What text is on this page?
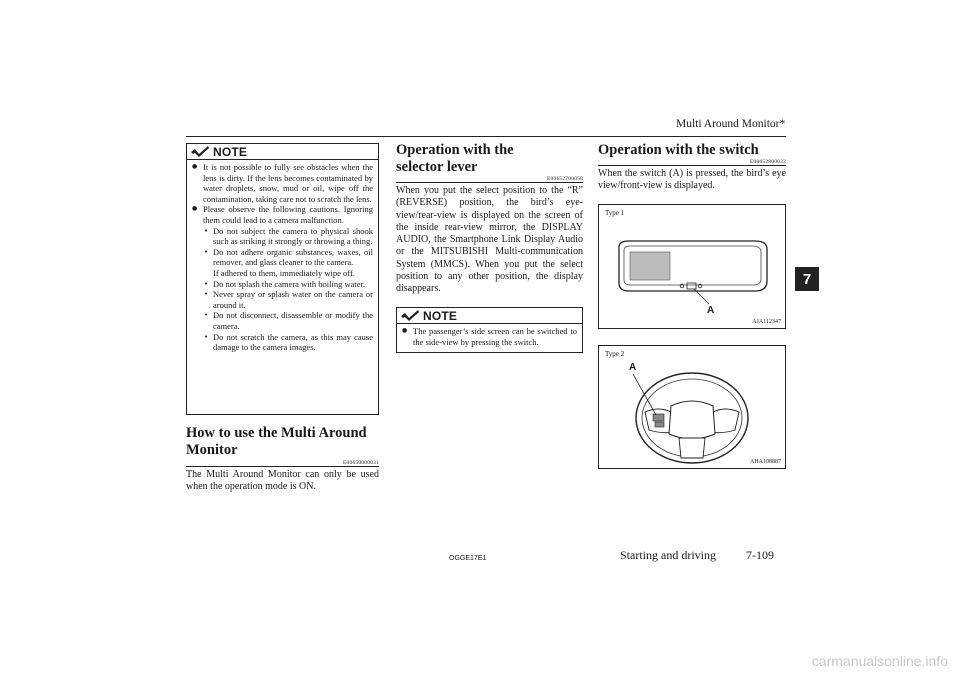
Multi Around Monitor*
7
NOTE
● It is not possible to fully see obstacles when the lens is dirty. If the lens becomes contaminated by water droplets, snow, mud or oil, wipe off the contamination, taking care not to scratch the lens.
● Please observe the following cautions. Ignoring them could lead to a camera malfunction.
• Do not subject the camera to physical shook such as striking it strongly or throwing a thing.
• Do not adhere organic substances, waxes, oil remover, and glass cleaner to the camera.
If adhered to them, immediately wipe off.
• Do not splash the camera with boiling water.
• Never spray or splash water on the camera or around it.
• Do not disconnect, disassemble or modify the camera.
• Do not scratch the camera, as this may cause damage to the camera images.
How to use the Multi Around Monitor
E00650000031
The Multi Around Monitor can only be used when the operation mode is ON.
Operation with the selector lever
E00652700058
When you put the select position to the “R” (REVERSE) position, the bird’s eye-view/rear-view is displayed on the screen of the inside rear-view mirror, the DISPLAY AUDIO, the Smartphone Link Display Audio or the MITSUBISHI Multi-communication System (MMCS). When you put the select position to any other position, the display disappears.
NOTE
● The passenger’s side screen can be switched to the side-view by pressing the switch.
Operation with the switch
E00652800033
When the switch (A) is pressed, the bird’s eye view/front-view is displayed.
Type 1
A
AJA112347
Type 2
A
AHA108887
OGGE17E1	Starting and driving	7-109
carmanualsonline.info
